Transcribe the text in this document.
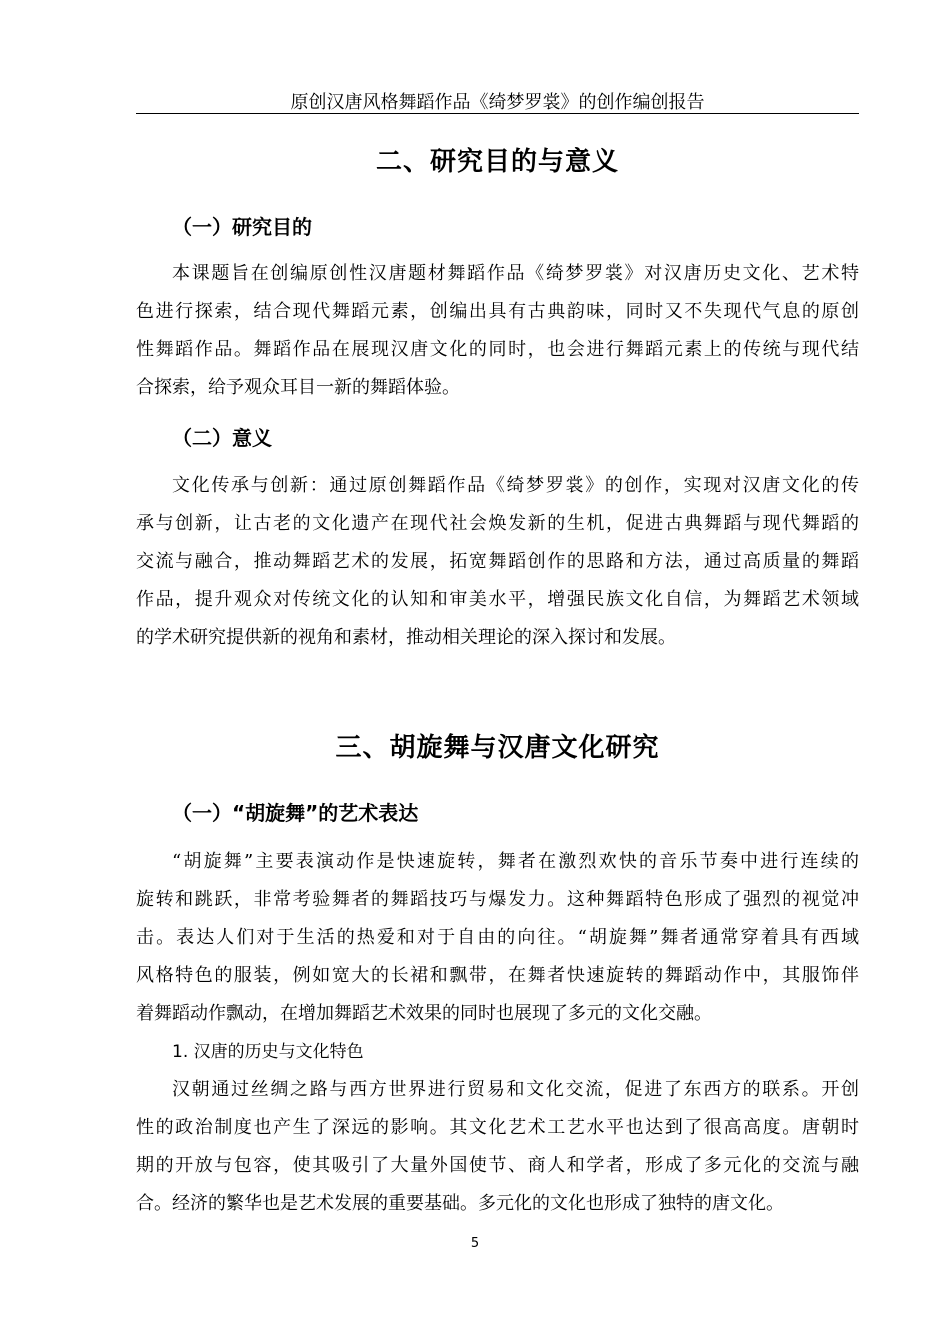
原创汉唐风格舞蹈作品《绮梦罗裳》的创作编创报告
二、研究目的与意义
（一）研究目的
本课题旨在创编原创性汉唐题材舞蹈作品《绮梦罗裳》对汉唐历史文化、艺术特
色进行探索，结合现代舞蹈元素，创编出具有古典韵味，同时又不失现代气息的原创
性舞蹈作品。舞蹈作品在展现汉唐文化的同时，也会进行舞蹈元素上的传统与现代结
合探索，给予观众耳目一新的舞蹈体验。
（二）意义
文化传承与创新：通过原创舞蹈作品《绮梦罗裳》的创作，实现对汉唐文化的传
承与创新，让古老的文化遗产在现代社会焕发新的生机，促进古典舞蹈与现代舞蹈的
交流与融合，推动舞蹈艺术的发展，拓宽舞蹈创作的思路和方法，通过高质量的舞蹈
作品，提升观众对传统文化的认知和审美水平，增强民族文化自信，为舞蹈艺术领域
的学术研究提供新的视角和素材，推动相关理论的深入探讨和发展。
三、胡旋舞与汉唐文化研究
（一）“胡旋舞”的艺术表达
“胡旋舞”主要表演动作是快速旋转，舞者在激烈欢快的音乐节奏中进行连续的
旋转和跳跃，非常考验舞者的舞蹈技巧与爆发力。这种舞蹈特色形成了强烈的视觉冲
击。表达人们对于生活的热爱和对于自由的向往。“胡旋舞”舞者通常穿着具有西域
风格特色的服装，例如宽大的长裙和飘带，在舞者快速旋转的舞蹈动作中，其服饰伴
着舞蹈动作飘动，在增加舞蹈艺术效果的同时也展现了多元的文化交融。
1. 汉唐的历史与文化特色
汉朝通过丝绸之路与西方世界进行贸易和文化交流，促进了东西方的联系。开创
性的政治制度也产生了深远的影响。其文化艺术工艺水平也达到了很高高度。唐朝时
期的开放与包容，使其吸引了大量外国使节、商人和学者，形成了多元化的交流与融
合。经济的繁华也是艺术发展的重要基础。多元化的文化也形成了独特的唐文化。
5
